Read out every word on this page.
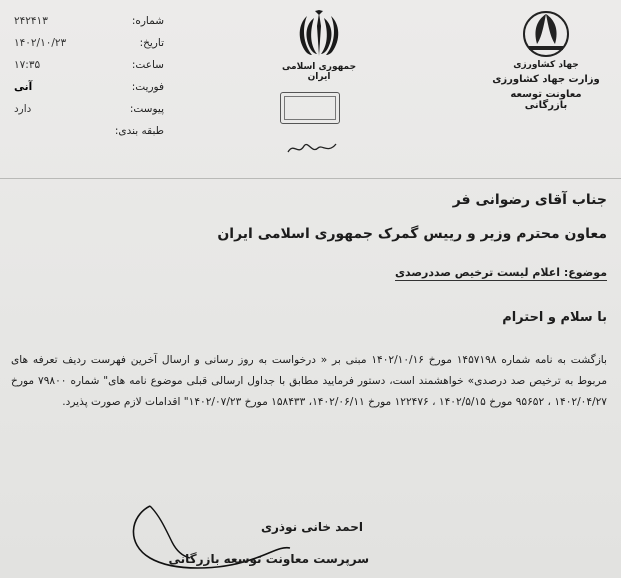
شماره:
۲۴۲۴۱۳
تاریخ:
۱۴۰۲/۱۰/۲۳
ساعت:
۱۷:۳۵
فوریت:
آنی
پیوست:
دارد
طبقه بندی:
جمهوری اسلامی ایران
جهاد کشاورزی
وزارت جهاد کشاورزی
معاونت توسعه بازرگانی
جناب آقای رضوانی فر
معاون محترم وزیر و رییس گمرک جمهوری اسلامی ایران
موضوع: اعلام لیست ترخیص صددرصدی
با سلام و احترام
بازگشت به نامه شماره ۱۴۵۷۱۹۸ مورخ ۱۴۰۲/۱۰/۱۶ مبنی بر « درخواست به روز رسانی و ارسال آخرین فهرست ردیف تعرفه های مربوط به ترخیص صد درصدی» خواهشمند است، دستور فرمایید مطابق با جداول ارسالی قبلی موضوع نامه های" شماره ۷۹۸۰۰ مورخ ۱۴۰۲/۰۴/۲۷ ، ۹۵۶۵۲ مورخ ۱۴۰۲/۵/۱۵ ، ۱۲۲۴۷۶ مورخ ۱۴۰۲/۰۶/۱۱، ۱۵۸۴۳۳ مورخ ۱۴۰۲/۰۷/۲۳" اقدامات لازم صورت پذیرد.
احمد خانی نوذری
سرپرست معاونت توسعه بازرگانی
